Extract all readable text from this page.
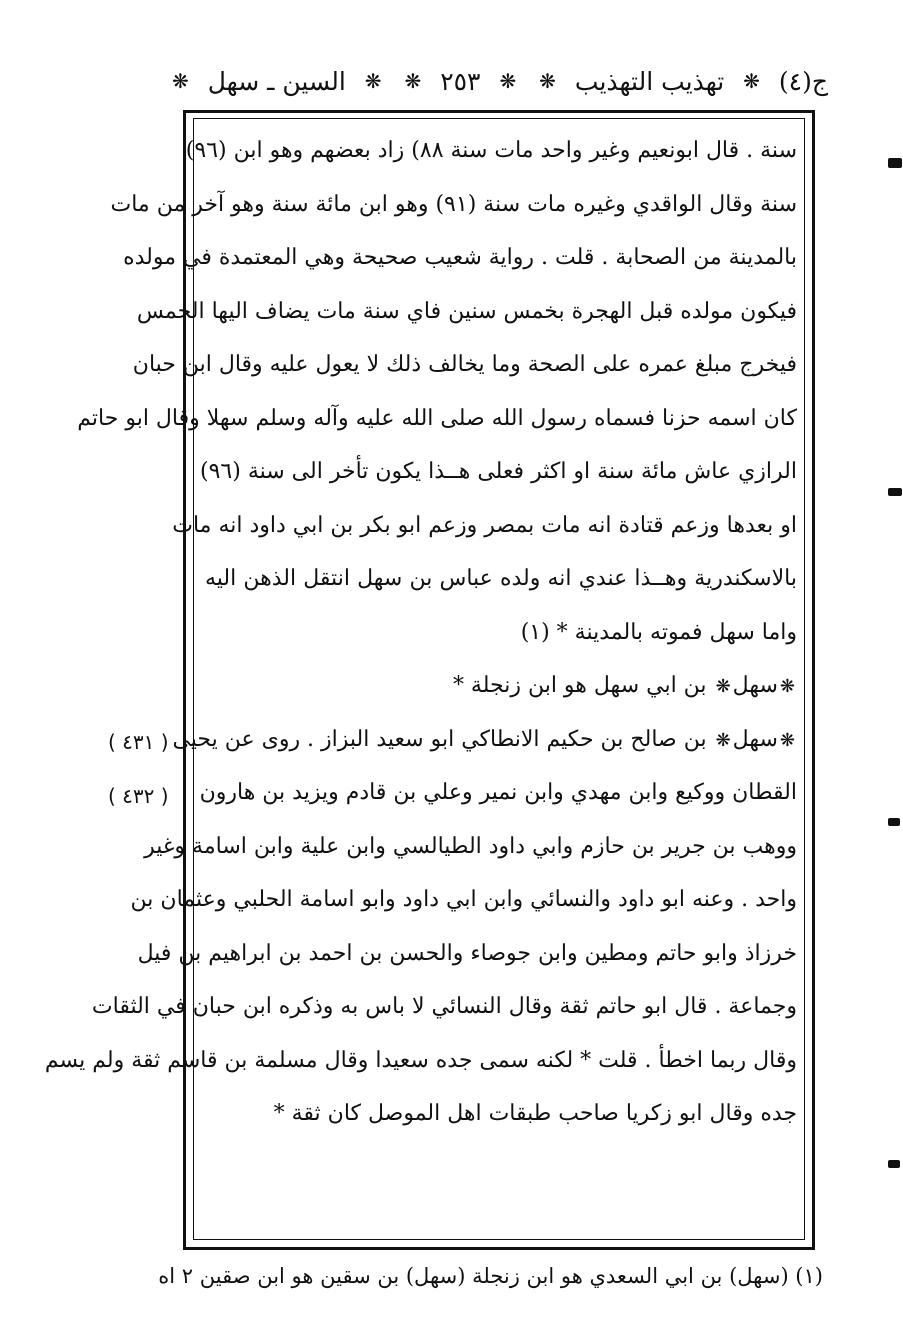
ج(٤)
❋
تهذيب التهذيب
❋
❋
٢٥٣
❋
❋
السين ـ سهل
❋
سنة . قال ابونعيم وغير واحد مات سنة ٨٨) زاد بعضهم وهو ابن (٩٦)
سنة وقال الواقدي وغيره مات سنة (٩١) وهو ابن مائة سنة وهو آخر من مات
بالمدينة من الصحابة . قلت . رواية شعيب صحيحة وهي المعتمدة في مولده
فيكون مولده قبل الهجرة بخمس سنين فاي سنة مات يضاف اليها الخمس
فيخرج مبلغ عمره على الصحة وما يخالف ذلك لا يعول عليه وقال ابن حبان
كان اسمه حزنا فسماه رسول الله صلى الله عليه وآله وسلم سهلا وقال ابو حاتم
الرازي عاش مائة سنة او اكثر فعلى هــذا يكون تأخر الى سنة (٩٦)
او بعدها وزعم قتادة انه مات بمصر وزعم ابو بكر بن ابي داود انه مات
بالاسكندرية وهــذا عندي انه ولده عباس بن سهل انتقل الذهن اليه
واما سهل فموته بالمدينة * (١)
❋سهل❋ بن ابي سهل هو ابن زنجلة *
❋سهل❋ بن صالح بن حكيم الانطاكي ابو سعيد البزاز . روى عن يحيى
القطان ووكيع وابن مهدي وابن نمير وعلي بن قادم ويزيد بن هارون
ووهب بن جرير بن حازم وابي داود الطيالسي وابن علية وابن اسامة وغير
واحد . وعنه ابو داود والنسائي وابن ابي داود وابو اسامة الحلبي وعثمان بن
خرزاذ وابو حاتم ومطين وابن جوصاء والحسن بن احمد بن ابراهيم بن فيل
وجماعة . قال ابو حاتم ثقة وقال النسائي لا باس به وذكره ابن حبان في الثقات
وقال ربما اخطأ . قلت * لكنه سمى جده سعيدا وقال مسلمة بن قاسم ثقة ولم يسم
جده وقال ابو زكريا صاحب طبقات اهل الموصل كان ثقة *
( ٤٣١ )
( ٤٣٢ )
(١) (سهل) بن ابي السعدي هو ابن زنجلة (سهل) بن سقين هو ابن صقين ٢ اه
